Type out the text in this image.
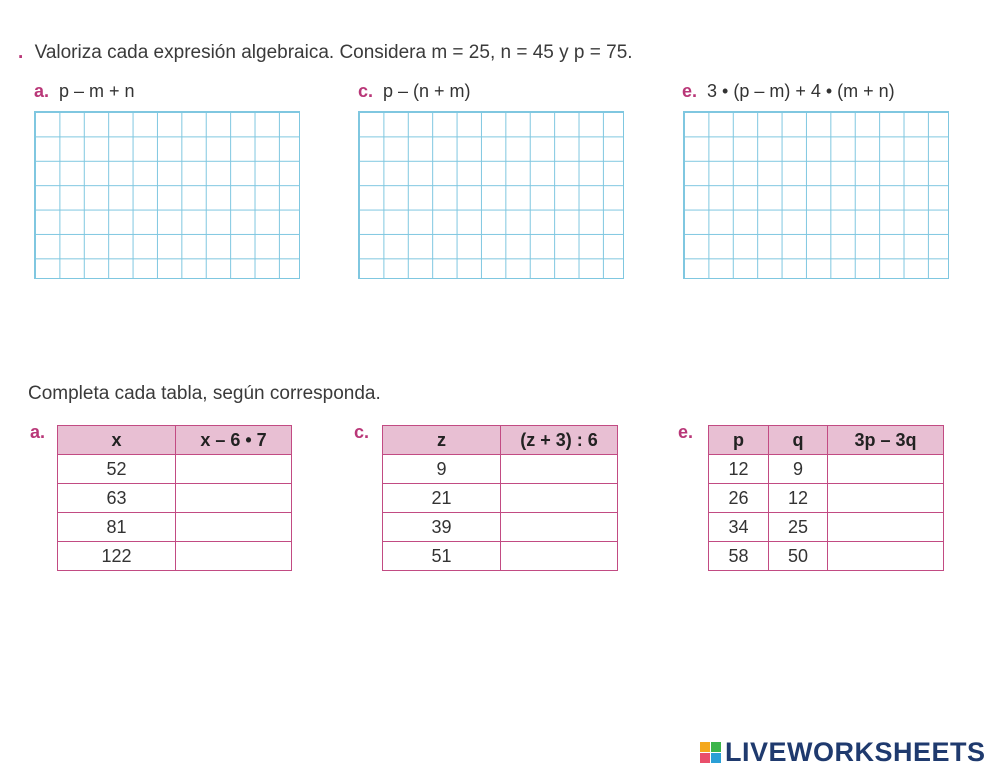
. Valoriza cada expresión algebraica. Considera m = 25, n = 45 y p = 75.
a. p – m + n	c. p – (n + m)	e. 3 • (p – m) + 4 • (m + n)
Completa cada tabla, según corresponda.
a.	x	x – 6 • 7
52	
63	
81	
122	
c.	z	(z + 3) : 6
9	
21	
39	
51	
e. p	q	3p – 3q
12	9	
26	12	
34	25	
58	50	
LIVEWORKSHEETS
